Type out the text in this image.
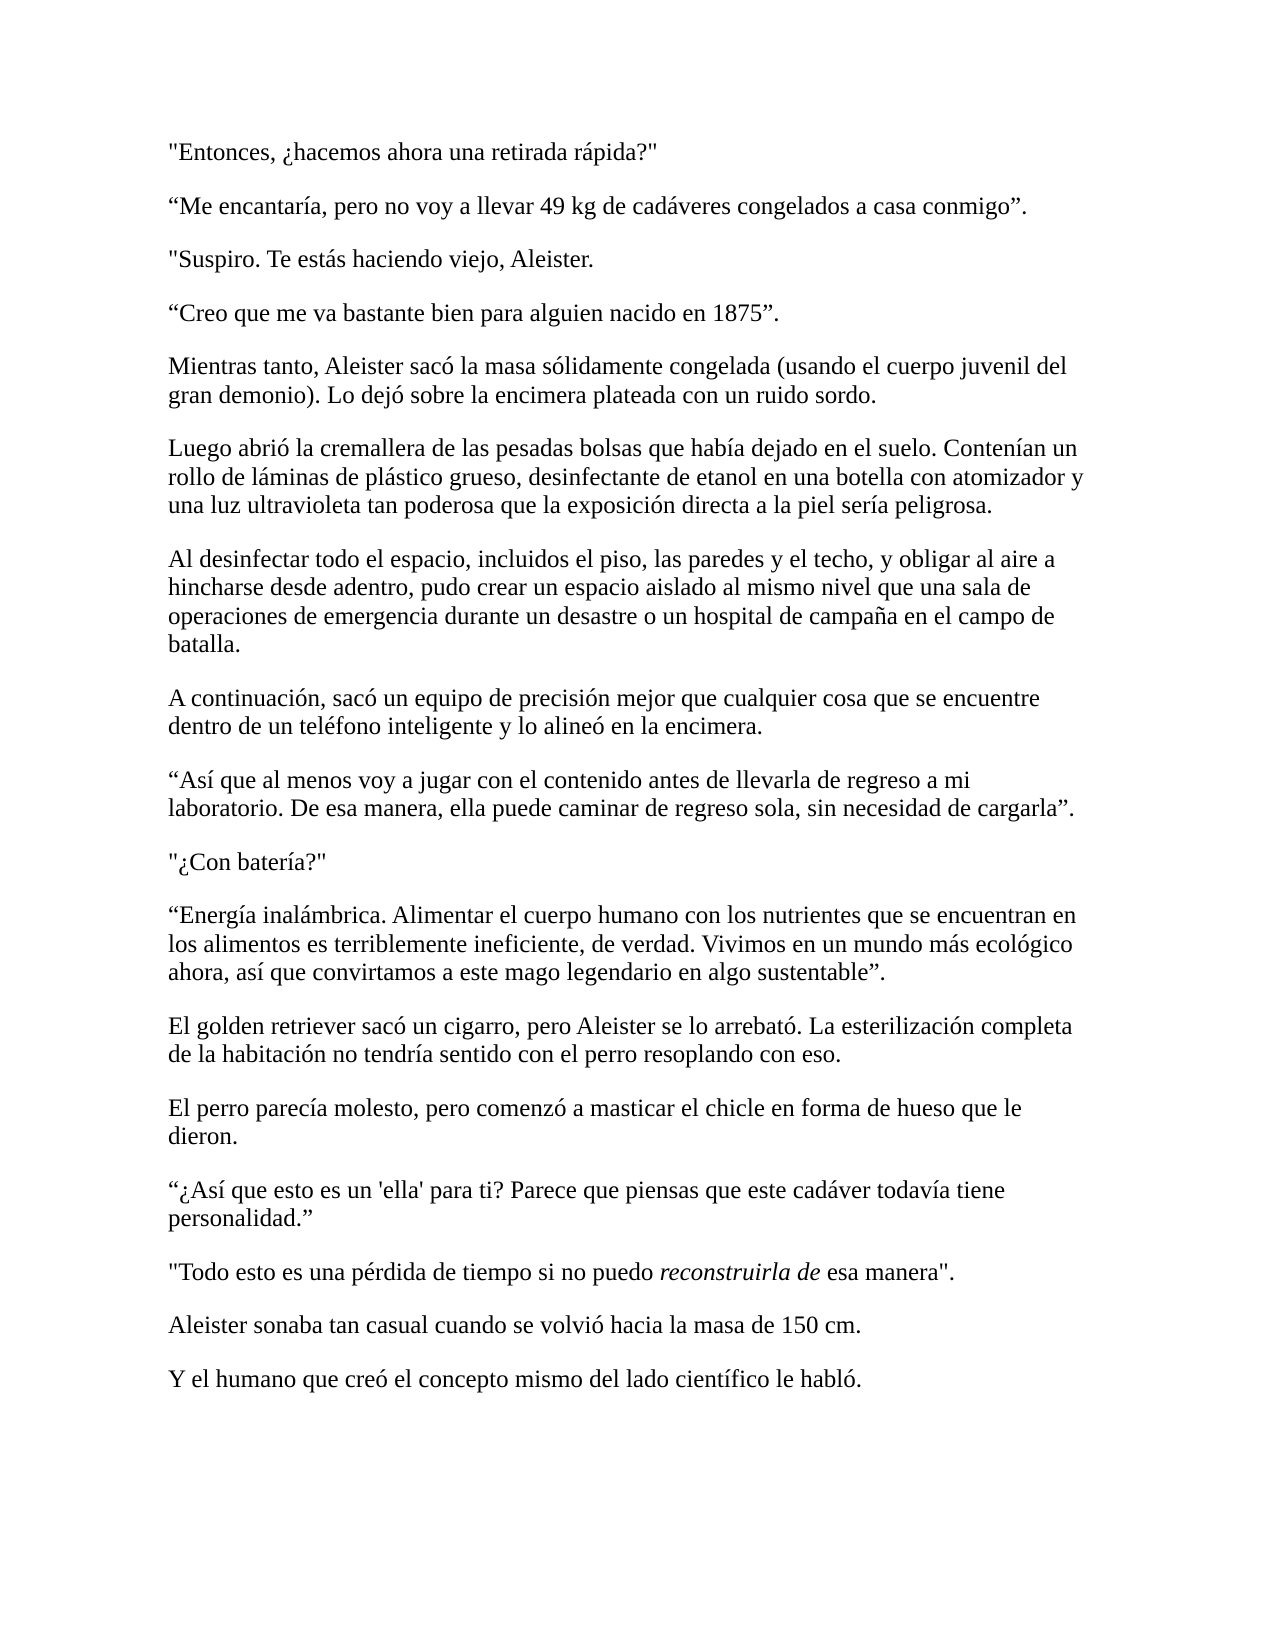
"Entonces, ¿hacemos ahora una retirada rápida?"

“Me encantaría, pero no voy a llevar 49 kg de cadáveres congelados a casa conmigo”.

"Suspiro. Te estás haciendo viejo, Aleister.

“Creo que me va bastante bien para alguien nacido en 1875”.

Mientras tanto, Aleister sacó la masa sólidamente congelada (usando el cuerpo juvenil del
gran demonio). Lo dejó sobre la encimera plateada con un ruido sordo.

Luego abrió la cremallera de las pesadas bolsas que había dejado en el suelo. Contenían un
rollo de láminas de plástico grueso, desinfectante de etanol en una botella con atomizador y
una luz ultravioleta tan poderosa que la exposición directa a la piel sería peligrosa.

Al desinfectar todo el espacio, incluidos el piso, las paredes y el techo, y obligar al aire a
hincharse desde adentro, pudo crear un espacio aislado al mismo nivel que una sala de
operaciones de emergencia durante un desastre o un hospital de campaña en el campo de
batalla.

A continuación, sacó un equipo de precisión mejor que cualquier cosa que se encuentre
dentro de un teléfono inteligente y lo alineó en la encimera.

“Así que al menos voy a jugar con el contenido antes de llevarla de regreso a mi
laboratorio. De esa manera, ella puede caminar de regreso sola, sin necesidad de cargarla”.

"¿Con batería?"

“Energía inalámbrica. Alimentar el cuerpo humano con los nutrientes que se encuentran en
los alimentos es terriblemente ineficiente, de verdad. Vivimos en un mundo más ecológico
ahora, así que convirtamos a este mago legendario en algo sustentable”.

El golden retriever sacó un cigarro, pero Aleister se lo arrebató. La esterilización completa
de la habitación no tendría sentido con el perro resoplando con eso.

El perro parecía molesto, pero comenzó a masticar el chicle en forma de hueso que le
dieron.

“¿Así que esto es un 'ella' para ti? Parece que piensas que este cadáver todavía tiene
personalidad.”

"Todo esto es una pérdida de tiempo si no puedo reconstruirla de esa manera".

Aleister sonaba tan casual cuando se volvió hacia la masa de 150 cm.

Y el humano que creó el concepto mismo del lado científico le habló.
